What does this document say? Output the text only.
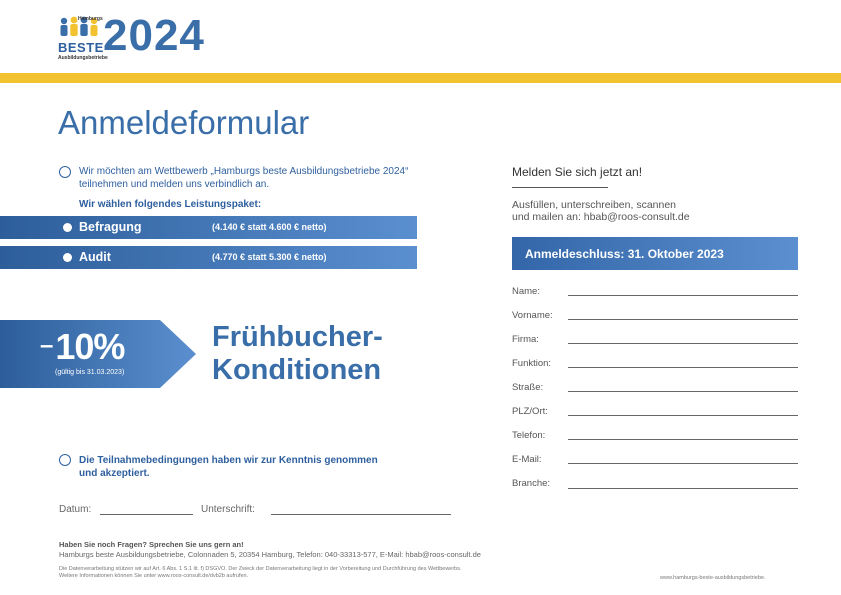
Hamburgs
BESTE
Ausbildungsbetriebe
2024
Anmeldeformular
Wir möchten am Wettbewerb „Hamburgs beste Ausbildungsbetriebe 2024“
teilnehmen und melden uns verbindlich an.
Wir wählen folgendes Leistungspaket:
Befragung	(4.140 € statt 4.600 € netto)
Audit	(4.770 € statt 5.300 € netto)
–10%
(gültig bis 31.03.2023)
Frühbucher-
Konditionen
Die Teilnahmebedingungen haben wir zur Kenntnis genommen
und akzeptiert.
Datum:	Unterschrift:
Haben Sie noch Fragen? Sprechen Sie uns gern an!
Hamburgs beste Ausbildungsbetriebe, Colonnaden 5, 20354 Hamburg, Telefon: 040-33313-577, E-Mail: hbab@roos-consult.de
Die Datenverarbeitung stützen wir auf Art. 6 Abs. 1 S.1 lit. f) DSGVO. Der Zweck der Datenverarbeitung liegt in der Vorbereitung und Durchführung des Wettbewerbs.
Weitere Informationen können Sie unter www.roos-consult.de/dvb2b aufrufen.	www.hamburgs-beste-ausbildungsbetriebe.
Melden Sie sich jetzt an!
Ausfüllen, unterschreiben, scannen
und mailen an: hbab@roos-consult.de
Anmeldeschluss: 31. Oktober 2023
Name:
Vorname:
Firma:
Funktion:
Straße:
PLZ/Ort:
Telefon:
E-Mail:
Branche:
